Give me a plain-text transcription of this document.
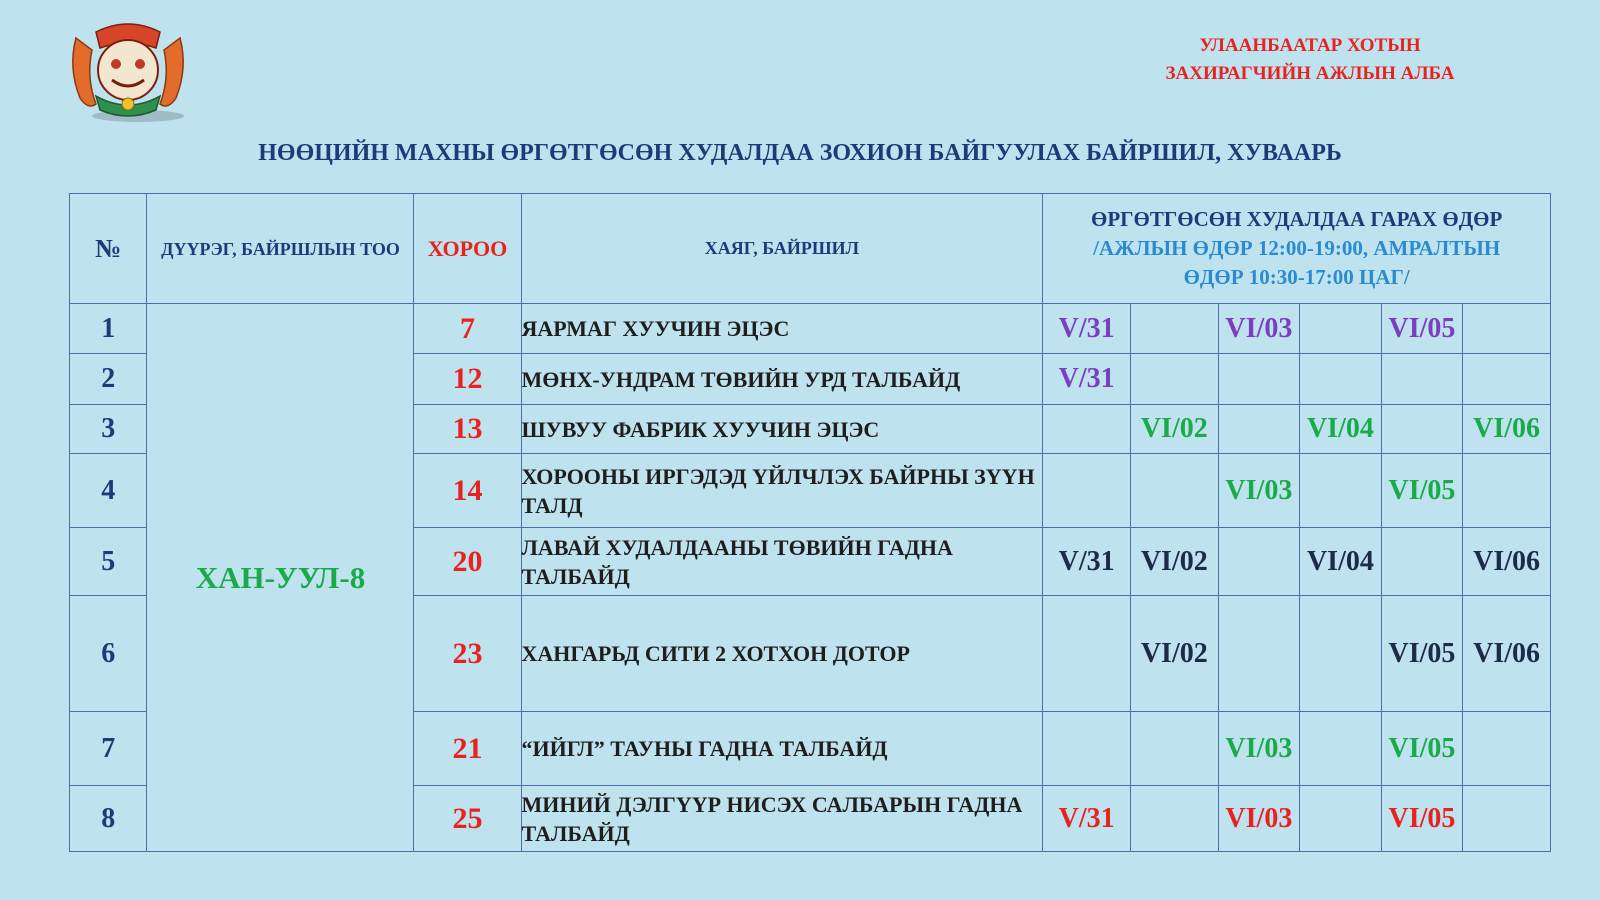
УЛААНБААТАР ХОТЫН
ЗАХИРАГЧИЙН АЖЛЫН АЛБА
НӨӨЦИЙН МАХНЫ ӨРГӨТГӨСӨН ХУДАЛДАА ЗОХИОН БАЙГУУЛАХ БАЙРШИЛ, ХУВААРЬ
№	ДҮҮРЭГ, БАЙРШЛЫН ТОО	ХОРОО	ХАЯГ, БАЙРШИЛ	ӨРГӨТГӨСӨН ХУДАЛДАА ГАРАХ ӨДӨР
/АЖЛЫН ӨДӨР 12:00-19:00, АМРАЛТЫН
ӨДӨР 10:30-17:00 ЦАГ/					

1	ХАН-УУЛ-8	7	ЯАРМАГ ХУУЧИН ЭЦЭС	V/31		VI/03		VI/05	
2		12	МӨНХ-УНДРАМ ТӨВИЙН УРД ТАЛБАЙД	V/31					
3		13	ШУВУУ ФАБРИК ХУУЧИН ЭЦЭС		VI/02		VI/04		VI/06
4		14	ХОРООНЫ ИРГЭДЭД ҮЙЛЧЛЭХ БАЙРНЫ ЗҮҮН ТАЛД			VI/03		VI/05	
5		20	ЛАВАЙ ХУДАЛДААНЫ ТӨВИЙН ГАДНА ТАЛБАЙД	V/31	VI/02		VI/04		VI/06
6		23	ХАНГАРЬД СИТИ 2 ХОТХОН ДОТОР		VI/02			VI/05	VI/06
7		21	“ИЙГЛ” ТАУНЫ ГАДНА ТАЛБАЙД			VI/03		VI/05	
8		25	МИНИЙ ДЭЛГҮҮР НИСЭХ САЛБАРЫН ГАДНА ТАЛБАЙД	V/31		VI/03		VI/05	
